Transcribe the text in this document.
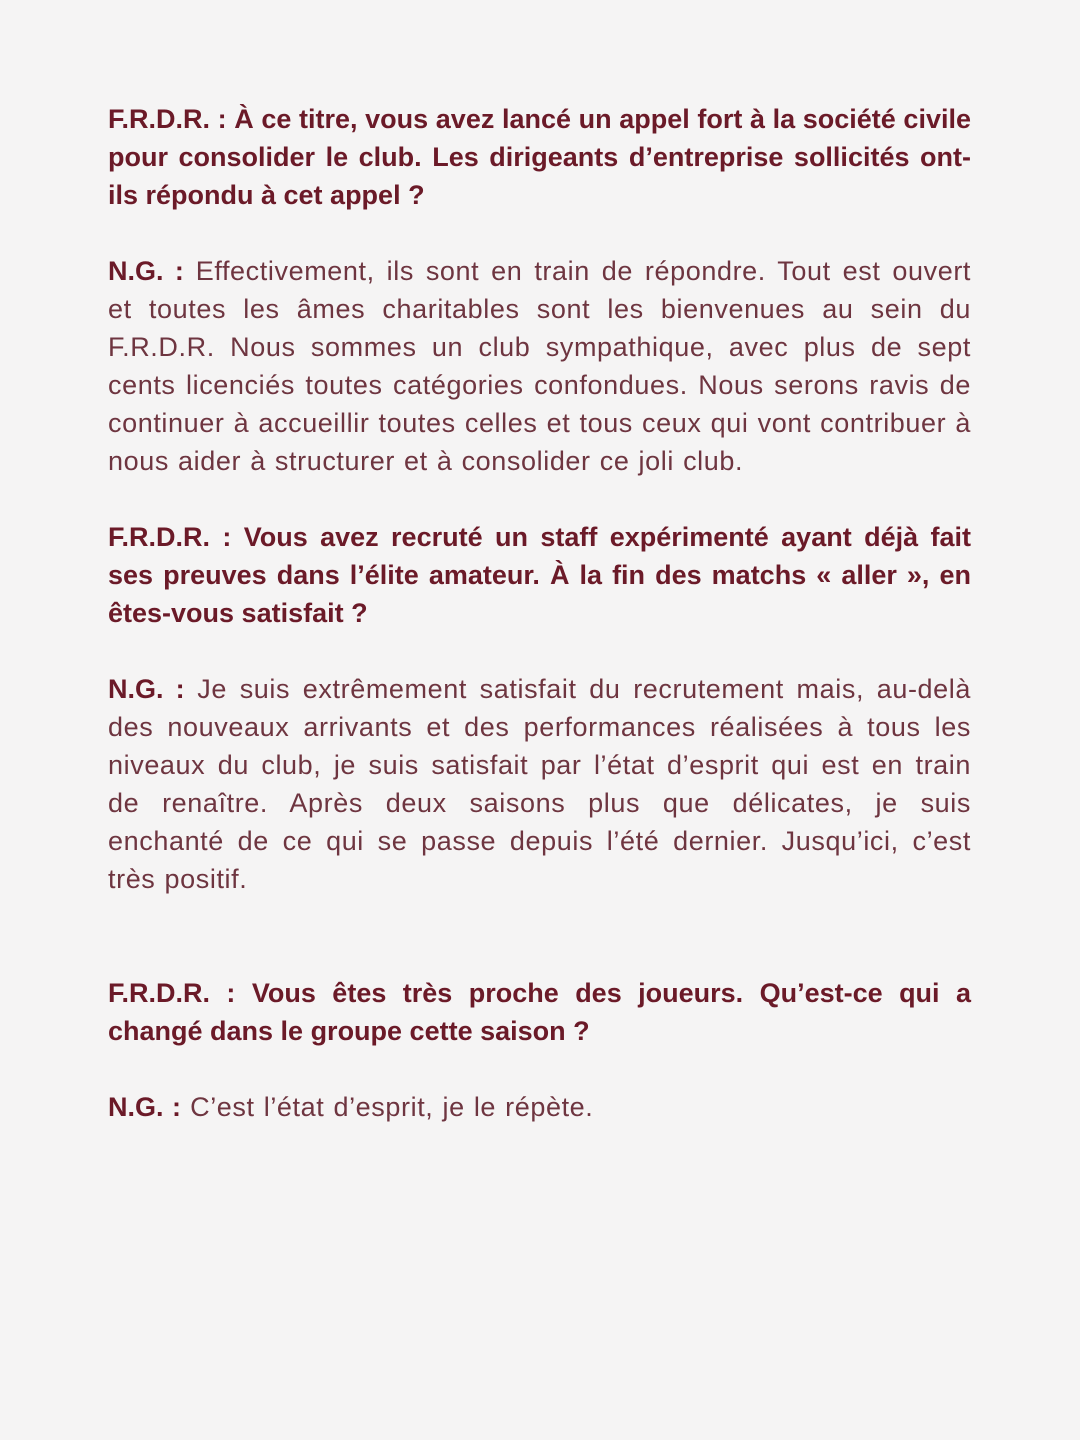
F.R.D.R. : À ce titre, vous avez lancé un appel fort à la société civile pour consolider le club. Les dirigeants d’entreprise sollicités ont-ils répondu à cet appel ?

N.G. : Effectivement, ils sont en train de répondre. Tout est ouvert et toutes les âmes charitables sont les bienvenues au sein du F.R.D.R. Nous sommes un club sympathique, avec plus de sept cents licenciés toutes catégories confondues. Nous serons ravis de continuer à accueillir toutes celles et tous ceux qui vont contribuer à nous aider à structurer et à consolider ce joli club.

F.R.D.R. : Vous avez recruté un staff expérimenté ayant déjà fait ses preuves dans l’élite amateur. À la fin des matchs « aller », en êtes-vous satisfait ?

N.G. : Je suis extrêmement satisfait du recrutement mais, au-delà des nouveaux arrivants et des performances réalisées à tous les niveaux du club, je suis satisfait par l’état d’esprit qui est en train de renaître. Après deux saisons plus que délicates, je suis enchanté de ce qui se passe depuis l’été dernier. Jusqu’ici, c’est très positif.

F.R.D.R. : Vous êtes très proche des joueurs. Qu’est-ce qui a changé dans le groupe cette saison ?

N.G. : C’est l’état d’esprit, je le répète.
